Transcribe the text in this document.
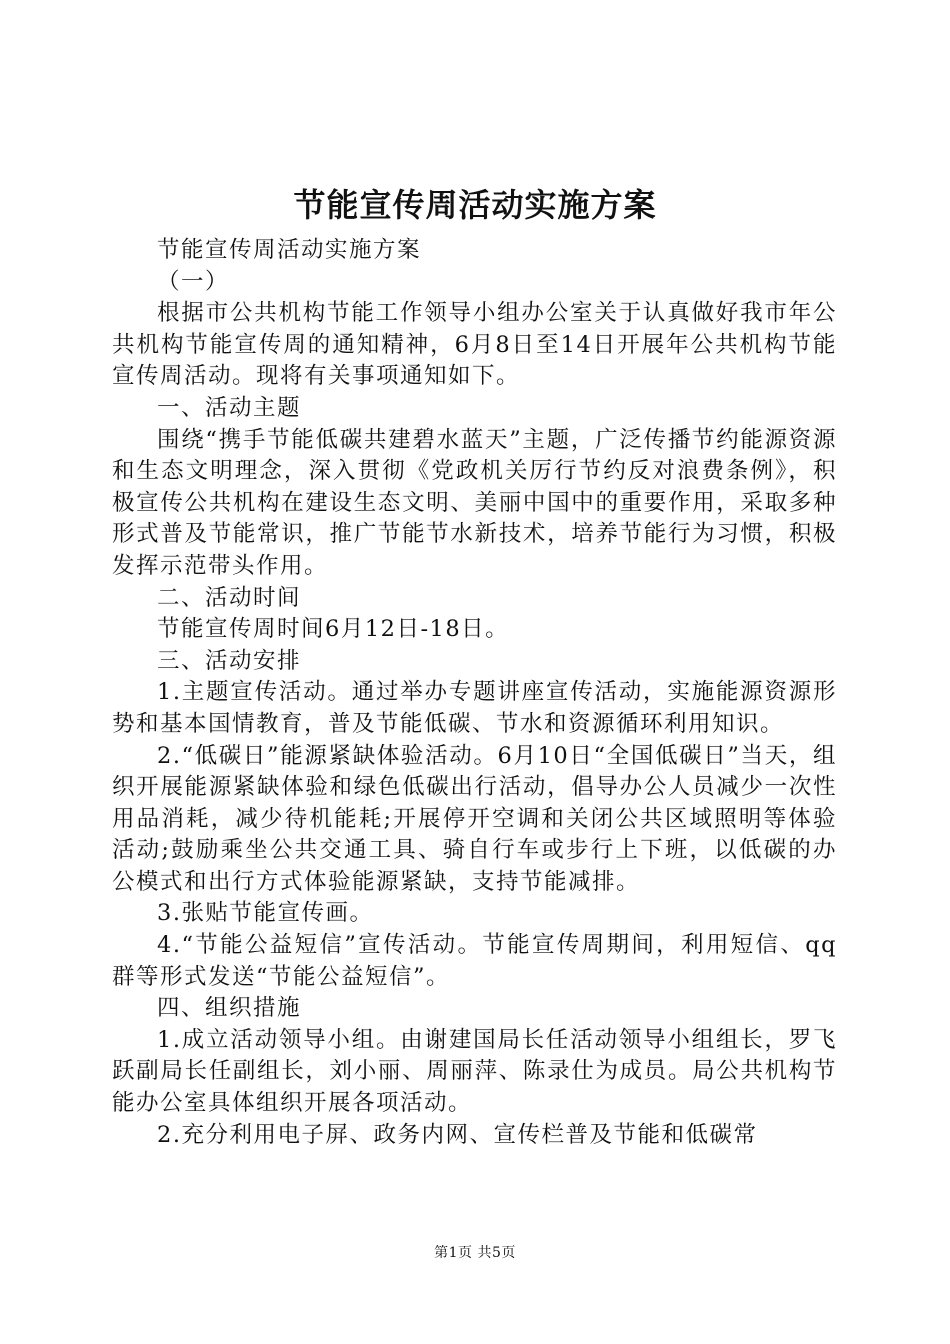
节能宣传周活动实施方案

节能宣传周活动实施方案

（一）

根据市公共机构节能工作领导小组办公室关于认真做好我市年公共机构节能宣传周的通知精神，6月8日至14日开展年公共机构节能宣传周活动。现将有关事项通知如下。

一、活动主题

围绕“携手节能低碳共建碧水蓝天”主题，广泛传播节约能源资源和生态文明理念，深入贯彻《党政机关厉行节约反对浪费条例》，积极宣传公共机构在建设生态文明、美丽中国中的重要作用，采取多种形式普及节能常识，推广节能节水新技术，培养节能行为习惯，积极发挥示范带头作用。

二、活动时间

节能宣传周时间6月12日-18日。

三、活动安排

1.主题宣传活动。通过举办专题讲座宣传活动，实施能源资源形势和基本国情教育，普及节能低碳、节水和资源循环利用知识。

2.“低碳日”能源紧缺体验活动。6月10日“全国低碳日”当天，组织开展能源紧缺体验和绿色低碳出行活动，倡导办公人员减少一次性用品消耗，减少待机能耗;开展停开空调和关闭公共区域照明等体验活动;鼓励乘坐公共交通工具、骑自行车或步行上下班，以低碳的办公模式和出行方式体验能源紧缺，支持节能减排。

3.张贴节能宣传画。

4.“节能公益短信”宣传活动。节能宣传周期间，利用短信、qq群等形式发送“节能公益短信”。

四、组织措施

1.成立活动领导小组。由谢建国局长任活动领导小组组长，罗飞跃副局长任副组长，刘小丽、周丽萍、陈录仕为成员。局公共机构节能办公室具体组织开展各项活动。

2.充分利用电子屏、政务内网、宣传栏普及节能和低碳常

第1页 共5页
